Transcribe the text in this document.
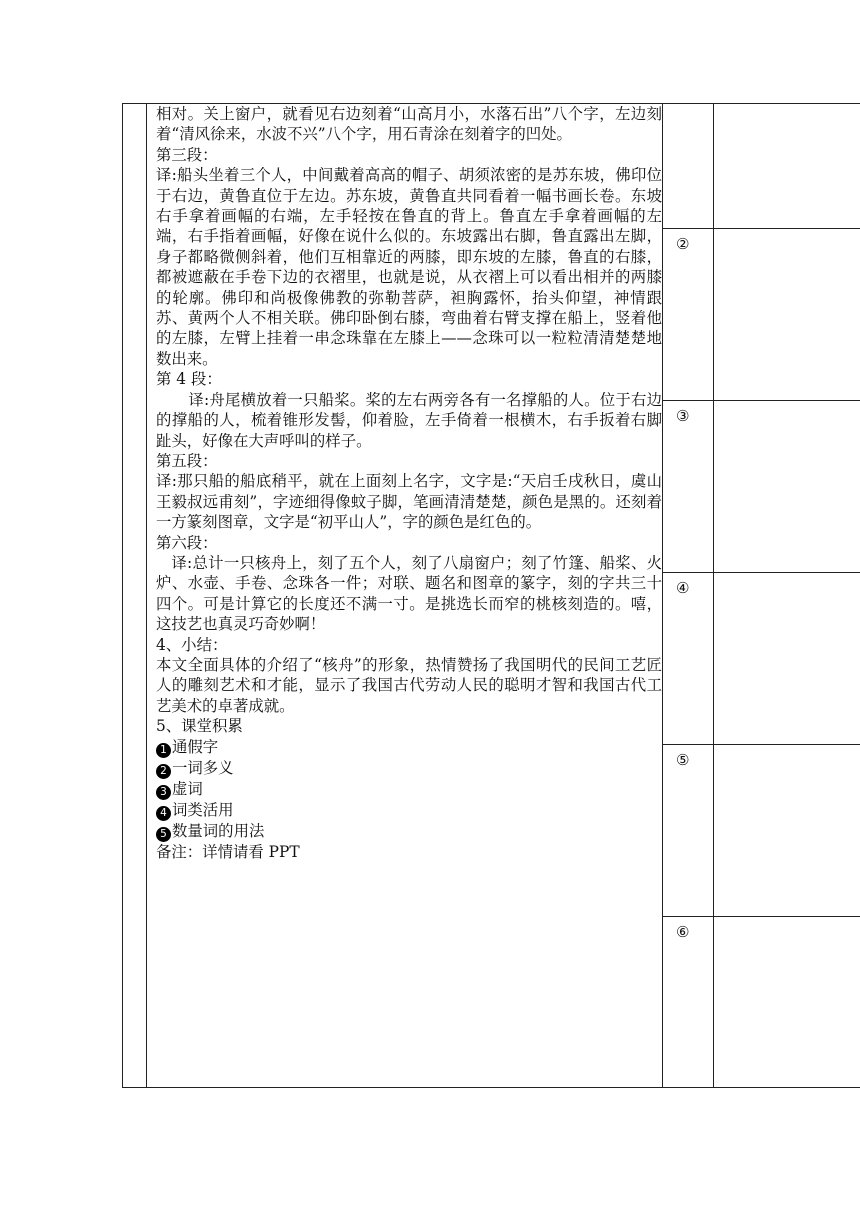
②
③
④
⑤
⑥

相对。关上窗户，就看见右边刻着“山高月小，水落石出”八个字，左边刻着“清风徐来，水波不兴”八个字，用石青涂在刻着字的凹处。

第三段：

译:船头坐着三个人，中间戴着高高的帽子、胡须浓密的是苏东坡，佛印位于右边，黄鲁直位于左边。苏东坡，黄鲁直共同看着一幅书画长卷。东坡右手拿着画幅的右端，左手轻按在鲁直的背上。鲁直左手拿着画幅的左端，右手指着画幅，好像在说什么似的。东坡露出右脚，鲁直露出左脚，身子都略微侧斜着，他们互相靠近的两膝，即东坡的左膝，鲁直的右膝，都被遮蔽在手卷下边的衣褶里，也就是说，从衣褶上可以看出相并的两膝的轮廓。佛印和尚极像佛教的弥勒菩萨，袒胸露怀，抬头仰望，神情跟苏、黄两个人不相关联。佛印卧倒右膝，弯曲着右臂支撑在船上，竖着他的左膝，左臂上挂着一串念珠靠在左膝上——念珠可以一粒粒清清楚楚地数出来。

第 4 段：

译:舟尾横放着一只船桨。桨的左右两旁各有一名撑船的人。位于右边的撑船的人，梳着锥形发髻，仰着脸，左手倚着一根横木，右手扳着右脚趾头，好像在大声呼叫的样子。

第五段：

译:那只船的船底稍平，就在上面刻上名字，文字是:“天启壬戌秋日，虞山王毅叔远甫刻”，字迹细得像蚊子脚，笔画清清楚楚，颜色是黑的。还刻着一方篆刻图章，文字是“初平山人”，字的颜色是红色的。

第六段：

译:总计一只核舟上，刻了五个人，刻了八扇窗户；刻了竹篷、船桨、火炉、水壶、手卷、念珠各一件；对联、题名和图章的篆字，刻的字共三十四个。可是计算它的长度还不满一寸。是挑选长而窄的桃核刻造的。嘻，这技艺也真灵巧奇妙啊！

4、小结：

本文全面具体的介绍了“核舟”的形象，热情赞扬了我国明代的民间工艺匠人的雕刻艺术和才能，显示了我国古代劳动人民的聪明才智和我国古代工艺美术的卓著成就。

5、课堂积累

1 通假字

2 一词多义

3 虚词

4 词类活用

5 数量词的用法

备注：详情请看 PPT
